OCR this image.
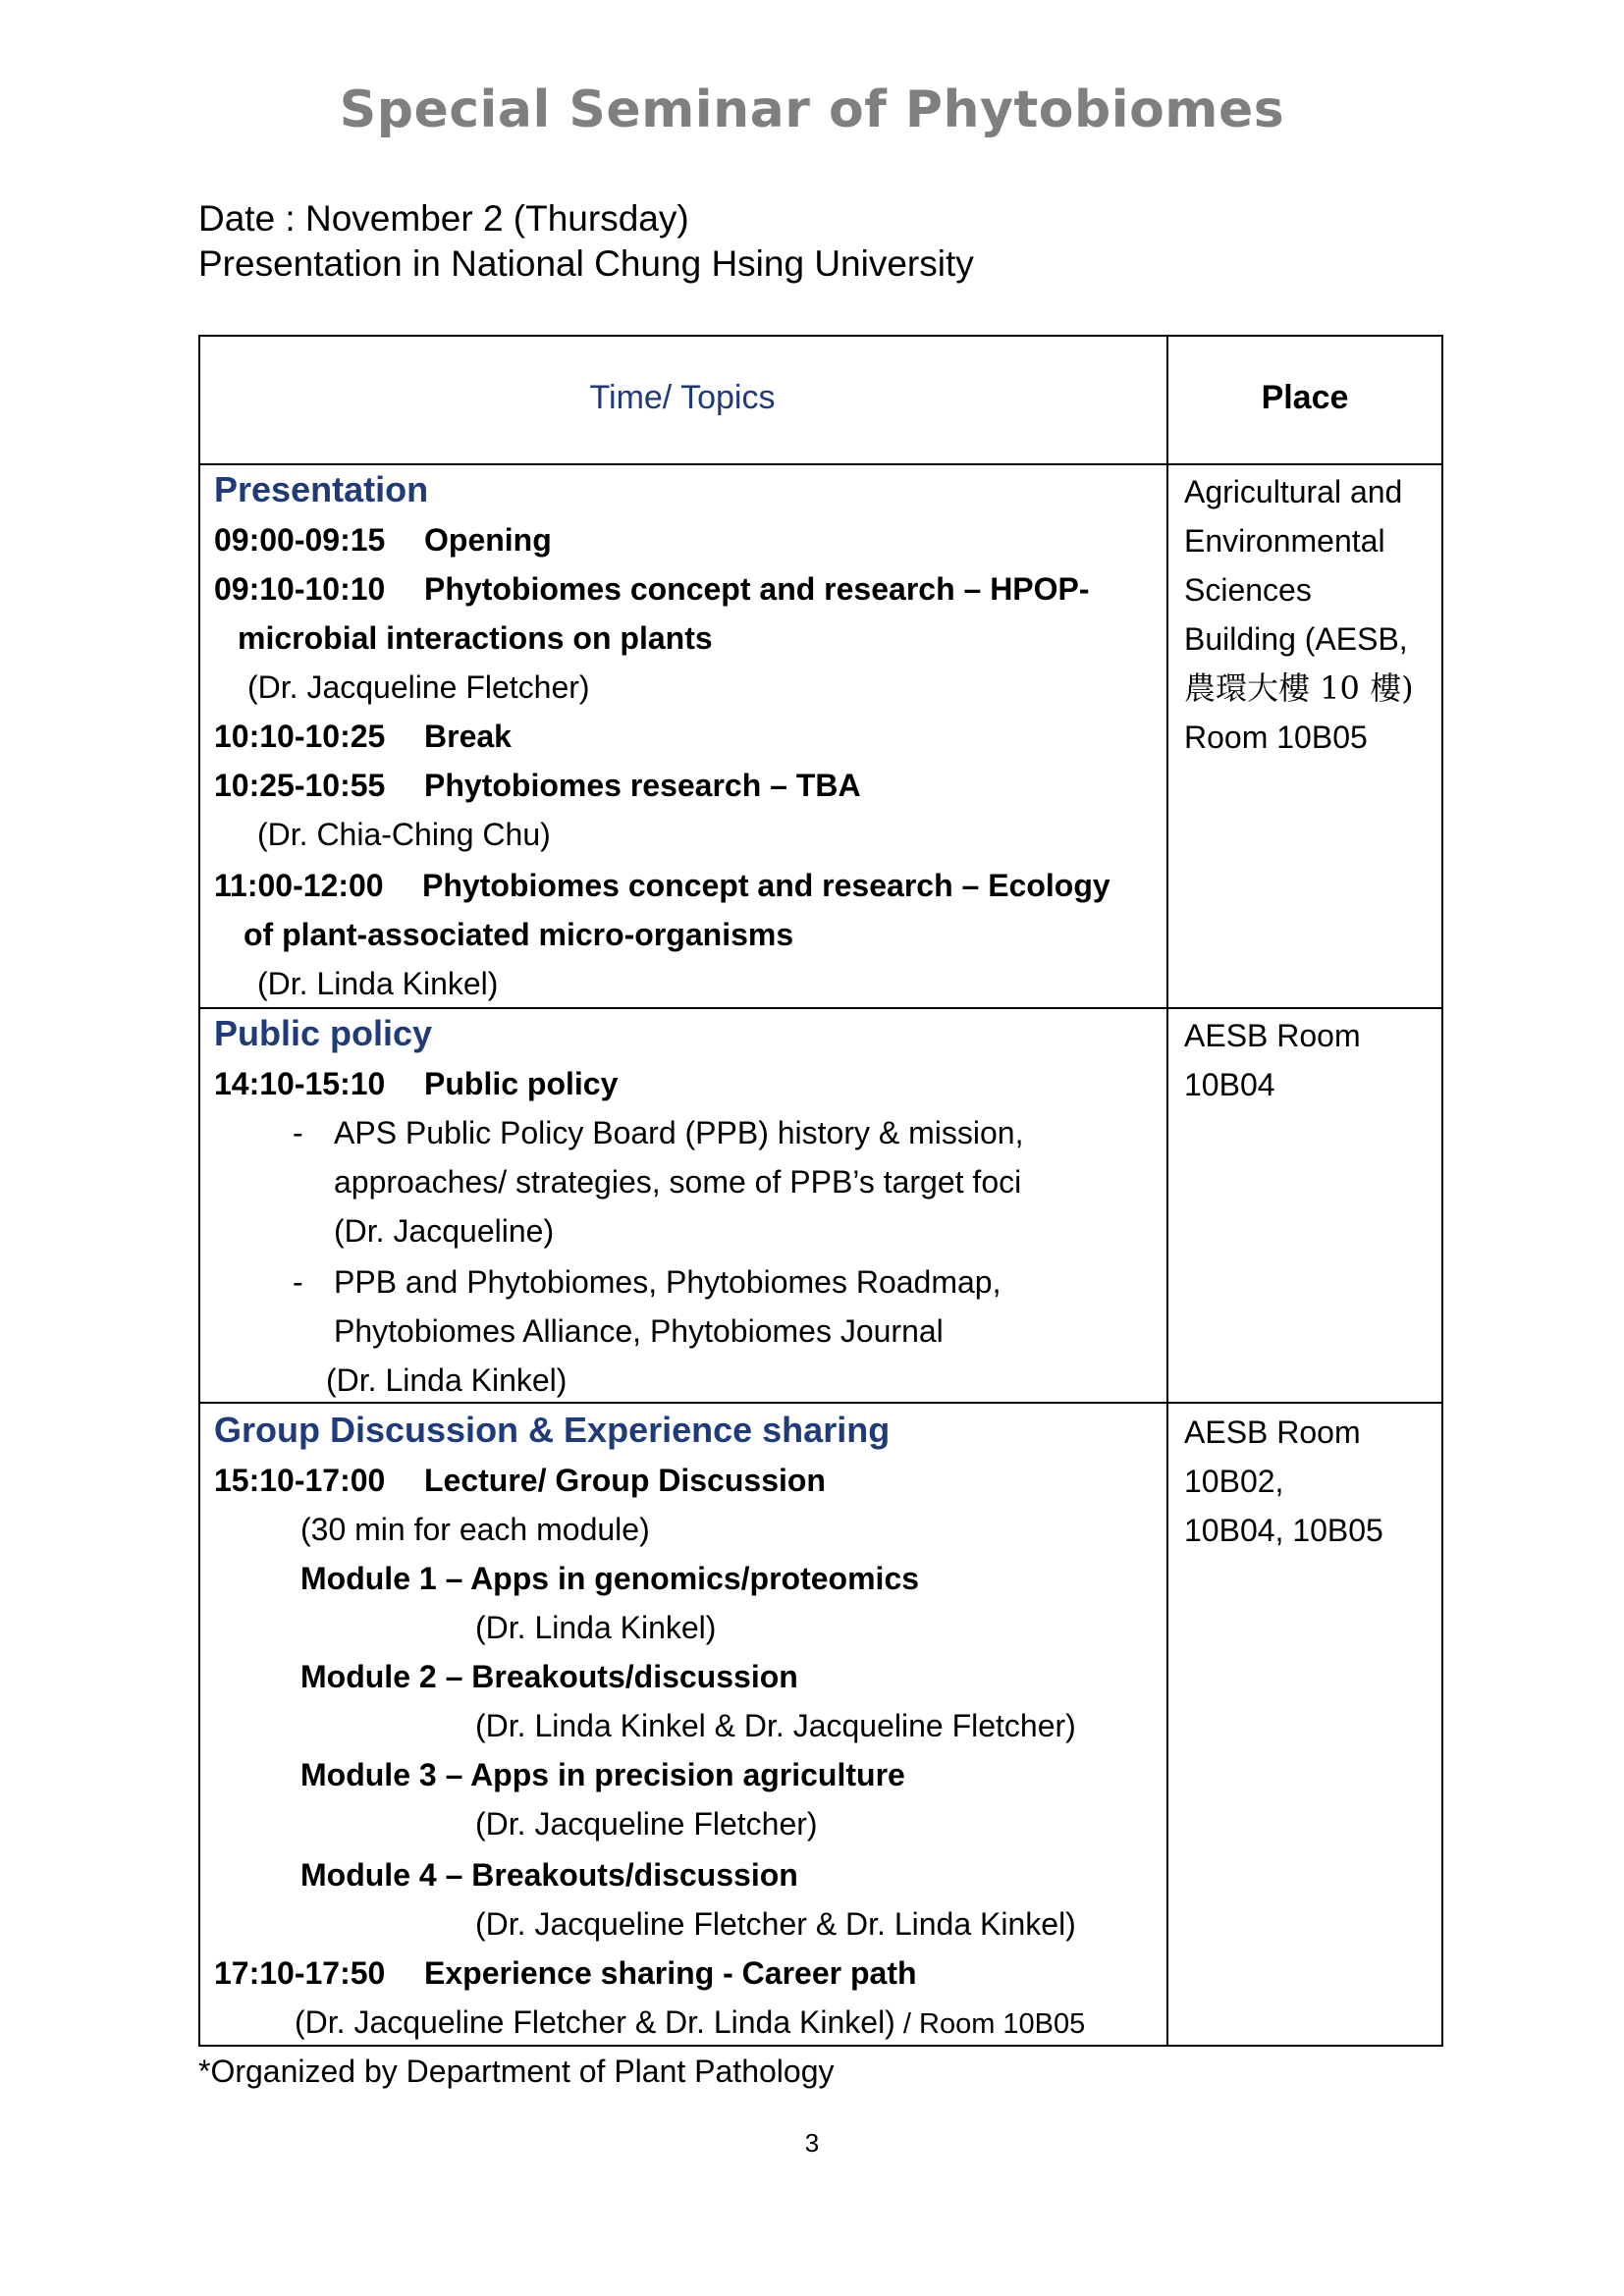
Special Seminar of Phytobiomes
Date : November 2 (Thursday)
Presentation in National Chung Hsing University
Time/ Topics	Place
Presentation
09:00-09:15 Opening
09:10-10:10 Phytobiomes concept and research – HPOP-
microbial interactions on plants
(Dr. Jacqueline Fletcher)
10:10-10:25 Break
10:25-10:55 Phytobiomes research – TBA
(Dr. Chia-Ching Chu)
11:00-12:00 Phytobiomes concept and research – Ecology
of plant-associated micro-organisms
(Dr. Linda Kinkel)
Agricultural and
Environmental
Sciences
Building (AESB,
農環大樓 10 樓)
Room 10B05
Public policy
14:10-15:10 Public policy
- APS Public Policy Board (PPB) history & mission,
approaches/ strategies, some of PPB’s target foci
(Dr. Jacqueline)
- PPB and Phytobiomes, Phytobiomes Roadmap,
Phytobiomes Alliance, Phytobiomes Journal
(Dr. Linda Kinkel)
AESB Room
10B04
Group Discussion & Experience sharing
15:10-17:00 Lecture/ Group Discussion
(30 min for each module)
Module 1 – Apps in genomics/proteomics
(Dr. Linda Kinkel)
Module 2 – Breakouts/discussion
(Dr. Linda Kinkel & Dr. Jacqueline Fletcher)
Module 3 – Apps in precision agriculture
(Dr. Jacqueline Fletcher)
Module 4 – Breakouts/discussion
(Dr. Jacqueline Fletcher & Dr. Linda Kinkel)
17:10-17:50 Experience sharing - Career path
(Dr. Jacqueline Fletcher & Dr. Linda Kinkel) / Room 10B05
AESB Room
10B02,
10B04, 10B05
*Organized by Department of Plant Pathology
3
